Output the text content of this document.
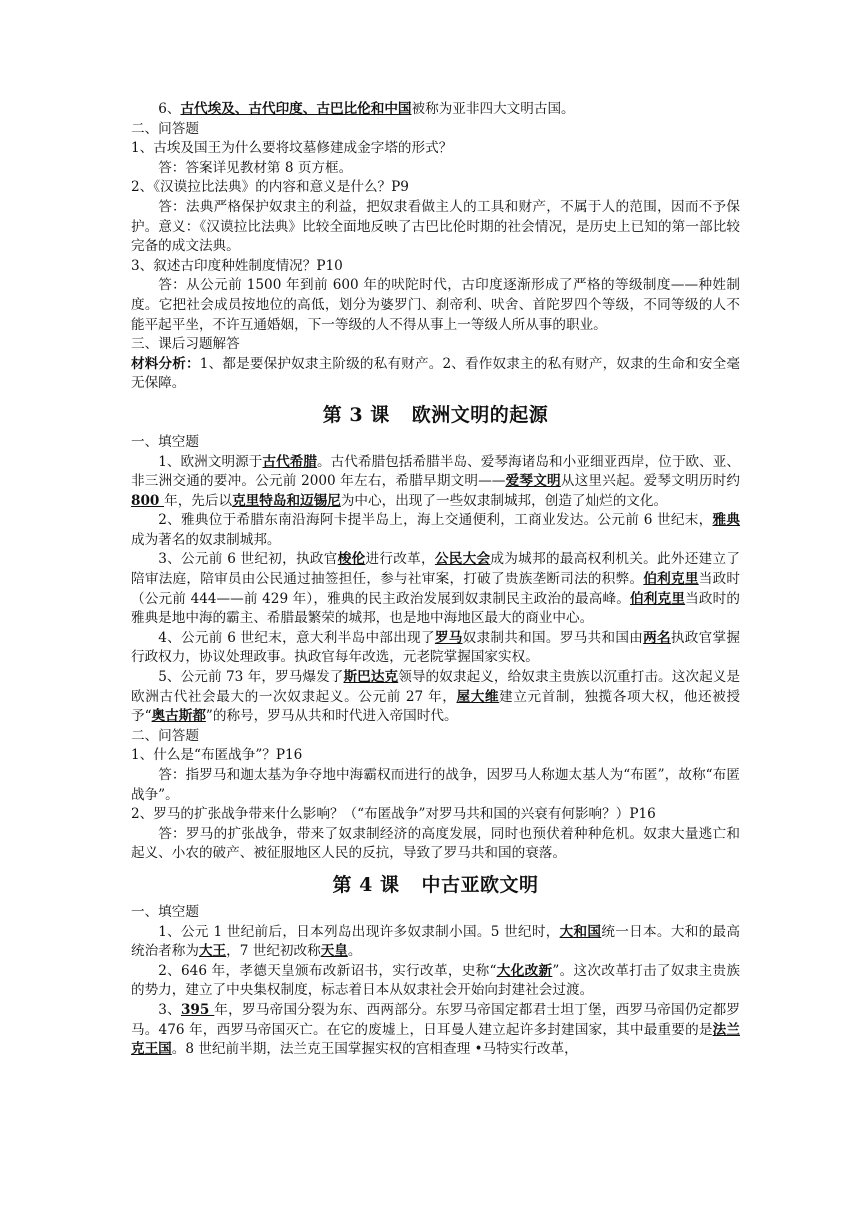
6、古代埃及、古代印度、古巴比伦和中国被称为亚非四大文明古国。

二、问答题

1、古埃及国王为什么要将坟墓修建成金字塔的形式？

答：答案详见教材第 8 页方框。

2、《汉谟拉比法典》的内容和意义是什么？P9

答：法典严格保护奴隶主的利益，把奴隶看做主人的工具和财产，不属于人的范围，因而不予保护。意义：《汉谟拉比法典》比较全面地反映了古巴比伦时期的社会情况，是历史上已知的第一部比较完备的成文法典。

3、叙述古印度种姓制度情况？P10

答：从公元前 1500 年到前 600 年的吠陀时代，古印度逐渐形成了严格的等级制度——种姓制度。它把社会成员按地位的高低，划分为婆罗门、刹帝利、吠舍、首陀罗四个等级，不同等级的人不能平起平坐，不许互通婚姻，下一等级的人不得从事上一等级人所从事的职业。

三、课后习题解答

材料分析：1、都是要保护奴隶主阶级的私有财产。2、看作奴隶主的私有财产，奴隶的生命和安全毫无保障。

第 3 课 欧洲文明的起源

一、填空题

1、欧洲文明源于古代希腊。古代希腊包括希腊半岛、爱琴海诸岛和小亚细亚西岸，位于欧、亚、非三洲交通的要冲。公元前 2000 年左右，希腊早期文明——爱琴文明从这里兴起。爱琴文明历时约 800 年，先后以克里特岛和迈锡尼为中心，出现了一些奴隶制城邦，创造了灿烂的文化。

2、雅典位于希腊东南沿海阿卡提半岛上，海上交通便利，工商业发达。公元前 6 世纪末，雅典成为著名的奴隶制城邦。

3、公元前 6 世纪初，执政官梭伦进行改革，公民大会成为城邦的最高权利机关。此外还建立了陪审法庭，陪审员由公民通过抽签担任，参与社审案，打破了贵族垄断司法的积弊。伯利克里当政时（公元前 444——前 429 年），雅典的民主政治发展到奴隶制民主政治的最高峰。伯利克里当政时的雅典是地中海的霸主、希腊最繁荣的城邦，也是地中海地区最大的商业中心。

4、公元前 6 世纪末，意大利半岛中部出现了罗马奴隶制共和国。罗马共和国由两名执政官掌握行政权力，协议处理政事。执政官每年改选，元老院掌握国家实权。

5、公元前 73 年，罗马爆发了斯巴达克领导的奴隶起义，给奴隶主贵族以沉重打击。这次起义是欧洲古代社会最大的一次奴隶起义。公元前 27 年，屋大维建立元首制，独揽各项大权，他还被授予“奥古斯都”的称号，罗马从共和时代进入帝国时代。

二、问答题

1、什么是“布匿战争”？P16

答：指罗马和迦太基为争夺地中海霸权而进行的战争，因罗马人称迦太基人为“布匿”，故称“布匿战争”。

2、罗马的扩张战争带来什么影响？（“布匿战争”对罗马共和国的兴衰有何影响？）P16

答：罗马的扩张战争，带来了奴隶制经济的高度发展，同时也预伏着种种危机。奴隶大量逃亡和起义、小农的破产、被征服地区人民的反抗，导致了罗马共和国的衰落。

第 4 课 中古亚欧文明

一、填空题

1、公元 1 世纪前后，日本列岛出现许多奴隶制小国。5 世纪时，大和国统一日本。大和的最高统治者称为大王，7 世纪初改称天皇。

2、646 年，孝德天皇颁布改新诏书，实行改革，史称“大化改新”。这次改革打击了奴隶主贵族的势力，建立了中央集权制度，标志着日本从奴隶社会开始向封建社会过渡。

3、395 年，罗马帝国分裂为东、西两部分。东罗马帝国定都君士坦丁堡，西罗马帝国仍定都罗马。476 年，西罗马帝国灭亡。在它的废墟上，日耳曼人建立起许多封建国家，其中最重要的是法兰克王国。8 世纪前半期，法兰克王国掌握实权的宫相查理 •马特实行改革，
